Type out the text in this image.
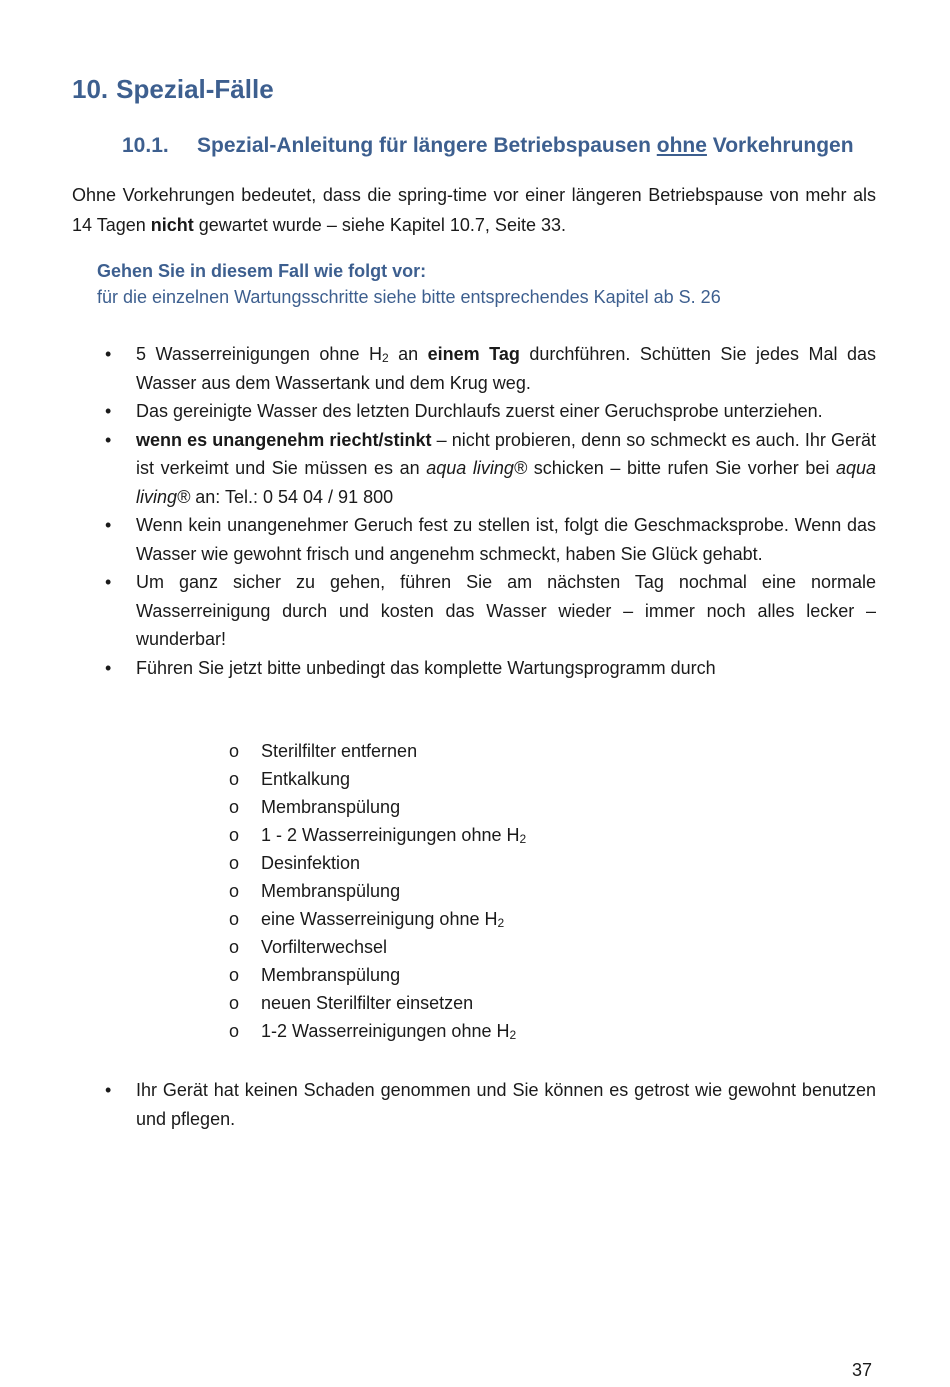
10. Spezial-Fälle
10.1. Spezial-Anleitung für längere Betriebspausen ohne Vorkehrungen

Ohne Vorkehrungen bedeutet, dass die spring-time vor einer längeren Betriebspause von mehr als 14 Tagen nicht gewartet wurde – siehe Kapitel 10.7, Seite 33.

Gehen Sie in diesem Fall wie folgt vor:
für die einzelnen Wartungsschritte siehe bitte entsprechendes Kapitel ab S. 26
• 5 Wasserreinigungen ohne $H_2$ an einem Tag durchführen. Schütten Sie jedes Mal das Wasser aus dem Wassertank und dem Krug weg.
• Das gereinigte Wasser des letzten Durchlaufs zuerst einer Geruchsprobe unterziehen.
• wenn es unangenehm riecht/stinkt – nicht probieren, denn so schmeckt es auch. Ihr Gerät ist verkeimt und Sie müssen es an aqua living® schicken – bitte rufen Sie vorher bei aqua living® an: Tel.: 0 54 04 / 91 800
• Wenn kein unangenehmer Geruch fest zu stellen ist, folgt die Geschmacksprobe. Wenn das Wasser wie gewohnt frisch und angenehm schmeckt, haben Sie Glück gehabt.
• Um ganz sicher zu gehen, führen Sie am nächsten Tag nochmal eine normale Wasserreinigung durch und kosten das Wasser wieder – immer noch alles lecker – wunderbar!
• Führen Sie jetzt bitte unbedingt das komplette Wartungsprogramm durch
o Sterilfilter entfernen
o Entkalkung
o Membranspülung
o 1 - 2 Wasserreinigungen ohne $H_2$
o Desinfektion
o Membranspülung
o eine Wasserreinigung ohne $H_2$
o Vorfilterwechsel
o Membranspülung
o neuen Sterilfilter einsetzen
o 1-2 Wasserreinigungen ohne $H_2$
• Ihr Gerät hat keinen Schaden genommen und Sie können es getrost wie gewohnt benutzen und pflegen.
37
